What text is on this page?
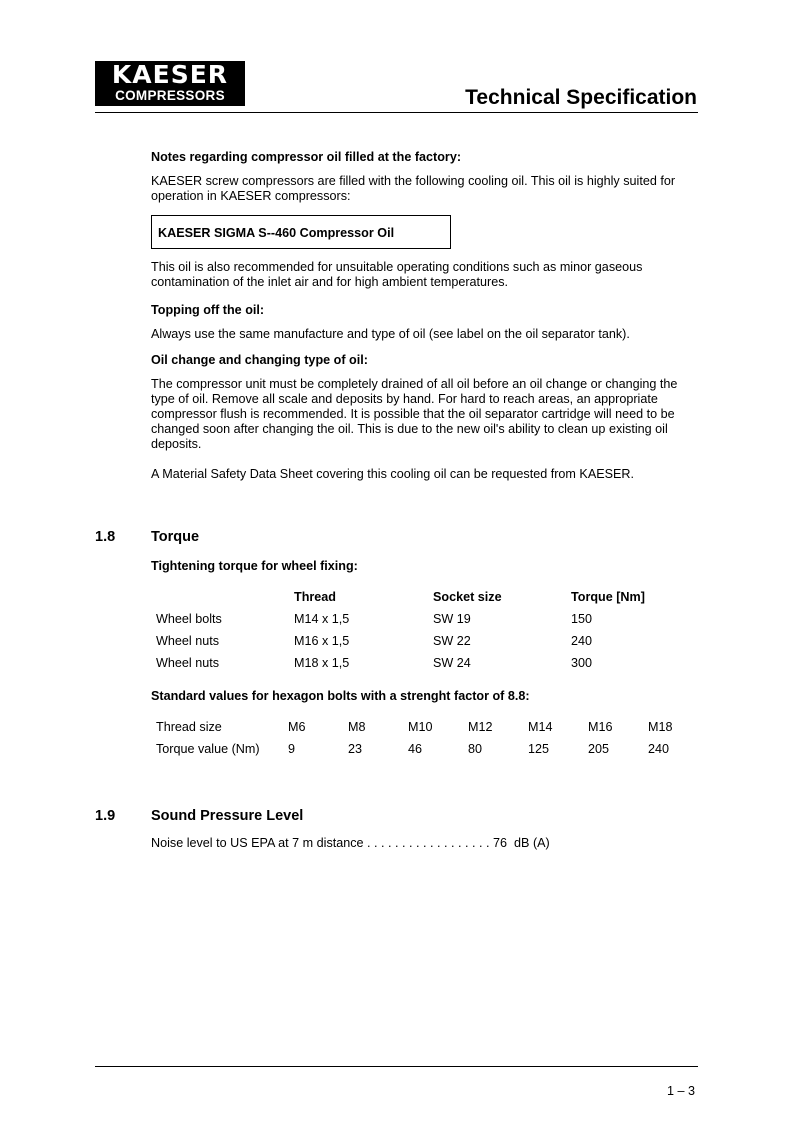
KAESER
COMPRESSORS	Technical Specification
Notes regarding compressor oil filled at the factory:
KAESER screw compressors are filled with the following cooling oil. This oil is highly suited for operation in KAESER compressors:
KAESER SIGMA S--460 Compressor Oil
This oil is also recommended for unsuitable operating conditions such as minor gaseous contamination of the inlet air and for high ambient temperatures.
Topping off the oil:
Always use the same manufacture and type of oil (see label on the oil separator tank).
Oil change and changing type of oil:
The compressor unit must be completely drained of all oil before an oil change or changing the type of oil. Remove all scale and deposits by hand. For hard to reach areas, an appropriate compressor flush is recommended. It is possible that the oil separator cartridge will need to be changed soon after changing the oil. This is due to the new oil's ability to clean up existing oil deposits.
A Material Safety Data Sheet covering this cooling oil can be requested from KAESER.
1.8 Torque
Tightening torque for wheel fixing:
	Thread	Socket size	Torque [Nm]
Wheel bolts	M14 x 1,5	SW 19	150
Wheel nuts	M16 x 1,5	SW 22	240
Wheel nuts	M18 x 1,5	SW 24	300
Standard values for hexagon bolts with a strenght factor of 8.8:
Thread size	M6	M8	M10	M12	M14	M16	M18
Torque value (Nm)	9	23	46	80	125	205	240
1.9 Sound Pressure Level
Noise level to US EPA at 7 m distance . . . . . . . . . . . . . . . . . . 76 dB (A)
1 – 3
